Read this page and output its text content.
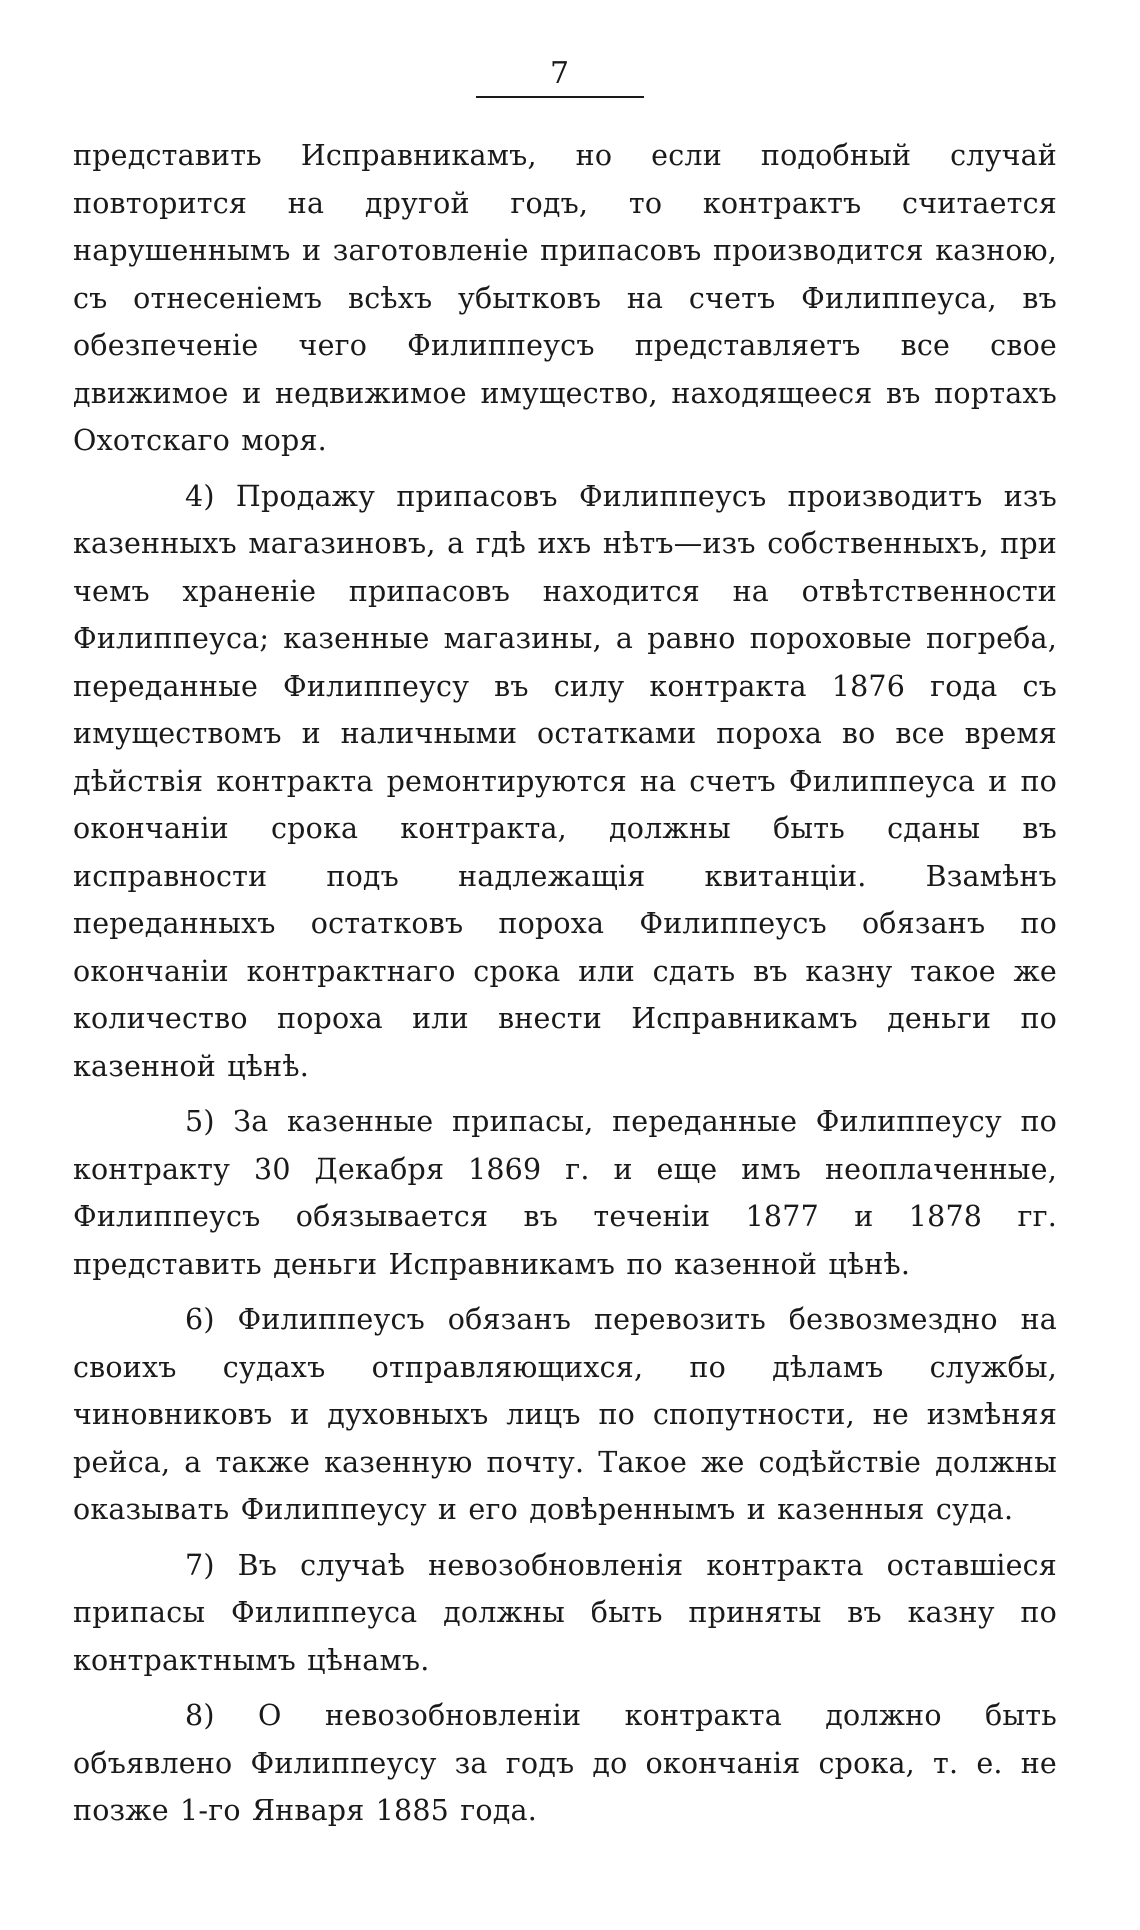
7

представить Исправникамъ, но если подобный случай повторится на другой годъ, то контрактъ считается нарушеннымъ и заготовленіе припасовъ производится казною, съ отнесеніемъ всѣхъ убытковъ на счетъ Филиппеуса, въ обезпеченіе чего Филиппеусъ представляетъ все свое движимое и недвижимое имущество, находящееся въ портахъ Охотскаго моря.

4) Продажу припасовъ Филиппеусъ производитъ изъ казенныхъ магазиновъ, а гдѣ ихъ нѣтъ—изъ собственныхъ, при чемъ храненіе припасовъ находится на отвѣтственности Филиппеуса; казенные магазины, а равно пороховые погреба, переданные Филиппеусу въ силу контракта 1876 года съ имуществомъ и наличными остатками пороха во все время дѣйствія контракта ремонтируются на счетъ Филиппеуса и по окончаніи срока контракта, должны быть сданы въ исправности подъ надлежащія квитанціи. Взамѣнъ переданныхъ остатковъ пороха Филиппеусъ обязанъ по окончаніи контрактнаго срока или сдать въ казну такое же количество пороха или внести Исправникамъ деньги по казенной цѣнѣ.

5) За казенные припасы, переданные Филиппеусу по контракту 30 Декабря 1869 г. и еще имъ неоплаченные, Филиппеусъ обязывается въ теченіи 1877 и 1878 гг. представить деньги Исправникамъ по казенной цѣнѣ.

6) Филиппеусъ обязанъ перевозить безвозмездно на своихъ судахъ отправляющихся, по дѣламъ службы, чиновниковъ и духовныхъ лицъ по спопутности, не измѣняя рейса, а также казенную почту. Такое же содѣйствіе должны оказывать Филиппеусу и его довѣреннымъ и казенныя суда.

7) Въ случаѣ невозобновленія контракта оставшіеся припасы Филиппеуса должны быть приняты въ казну по контрактнымъ цѣнамъ.

8) О невозобновленіи контракта должно быть объявлено Филиппеусу за годъ до окончанія срока, т. е. не позже 1-го Января 1885 года.
